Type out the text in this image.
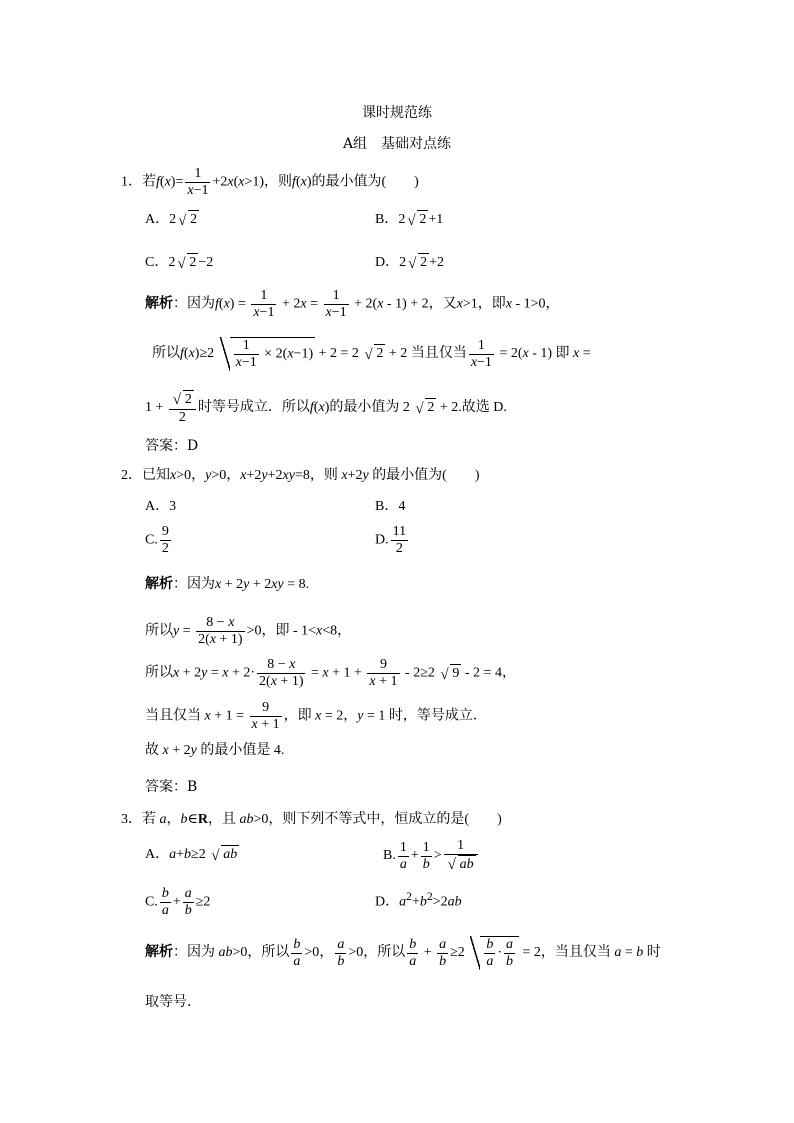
课时规范练
A组　基础对点练
1．若$f(x)= \frac{1}{x-1} +2x(x>1)$，则f(x)的最小值为(　　)
A．2 √ 2	B．2 √ 2 +1
C．2 √ 2 −2	D．2 √ 2 +2
解析：因为$f(x) = \frac{1}{x-1} + 2x = \frac{1}{x-1} + 2(x - 1) + 2$，又x>1，即x - 1>0，
所以$f(x)\ge 2 \frac{1}{x-1} \times 2(x-1) + 2 = 2$ √ 2 + 2 当且仅当 $\frac{1}{x-1} = 2(x - 1)$ 即 x =
1 + √ $\frac{2}{2}$ 时等号成立．所以f(x)的最小值为 2 √ 2 + 2.故选 D.
答案：D
2．已知x>0，y>0，x+2y+2xy=8，则 x+2y 的最小值为(　　)
A．3	B．4
C. $\frac{9}{2}$	D. $\frac{11}{2}$
解析：因为x + 2y + 2xy = 8.
所以$y = \frac{8 - x}{2(x + 1)} >0$，即 - 1<x<8，
所以$x + 2y = x + 2\cdot \frac{8 - x}{2(x + 1)} = x + 1 + \frac{9}{x + 1} - 2\ge 2$ √ 9 - 2 = 4，
当且仅当 $x + 1 = \frac{9}{x + 1}$ ，即 x = 2，y = 1 时，等号成立．
故 x + 2y 的最小值是 4.
答案：B
3．若 a，b∈R，且 ab>0，则下列不等式中，恒成立的是(　　)
A．a+b≥2 √ ab	B. $\frac{1}{a} + \frac{1}{b} > 1$
√ ab
C. $\frac{b}{a} + \frac{a}{b} \ge 2$	D．$a^2+b^2>2ab$
解析：因为 ab>0，所以 $\frac{b}{a} >0$， $\frac{a}{b} >0$，所以 $\frac{b}{a} + \frac{a}{b} \ge 2 \frac{b}{a} \cdot \frac{a}{b} = 2$，当且仅当 a = b 时
取等号．
